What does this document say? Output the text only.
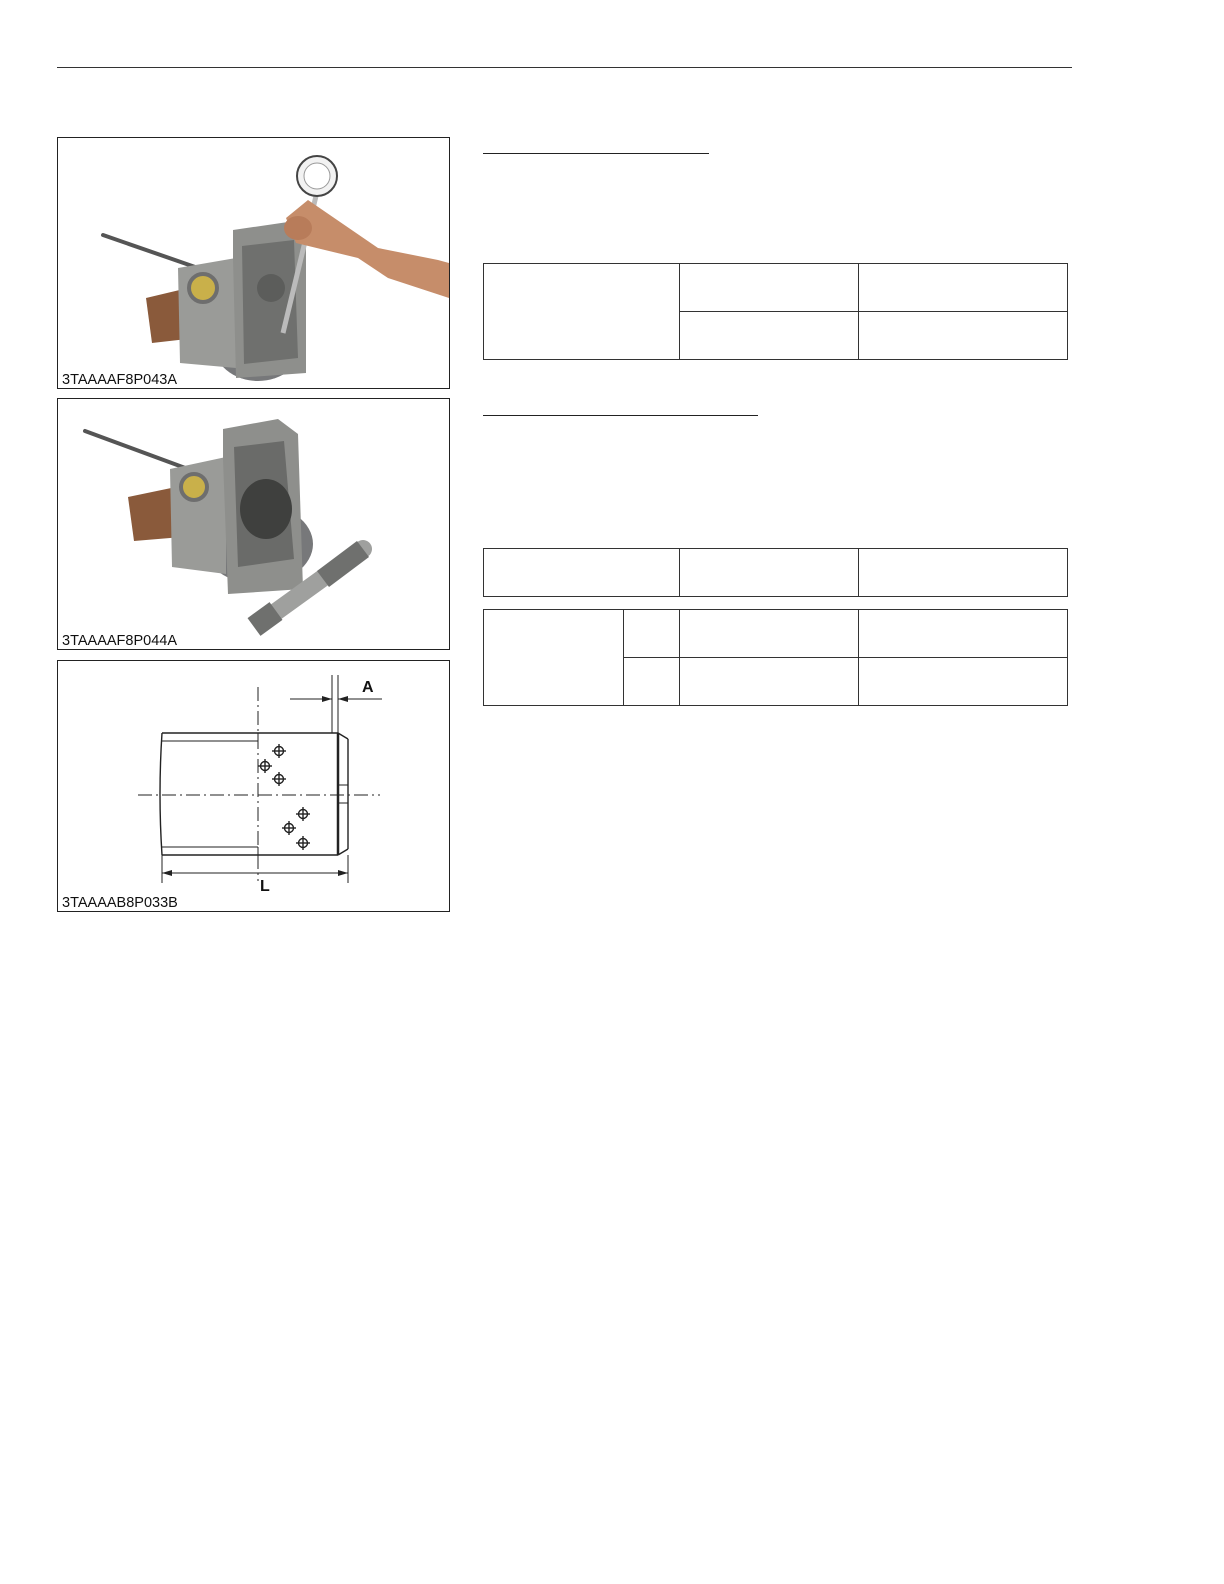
3TAAAAF8P043A
3TAAAAF8P044A
A
L
3TAAAAB8P033B
